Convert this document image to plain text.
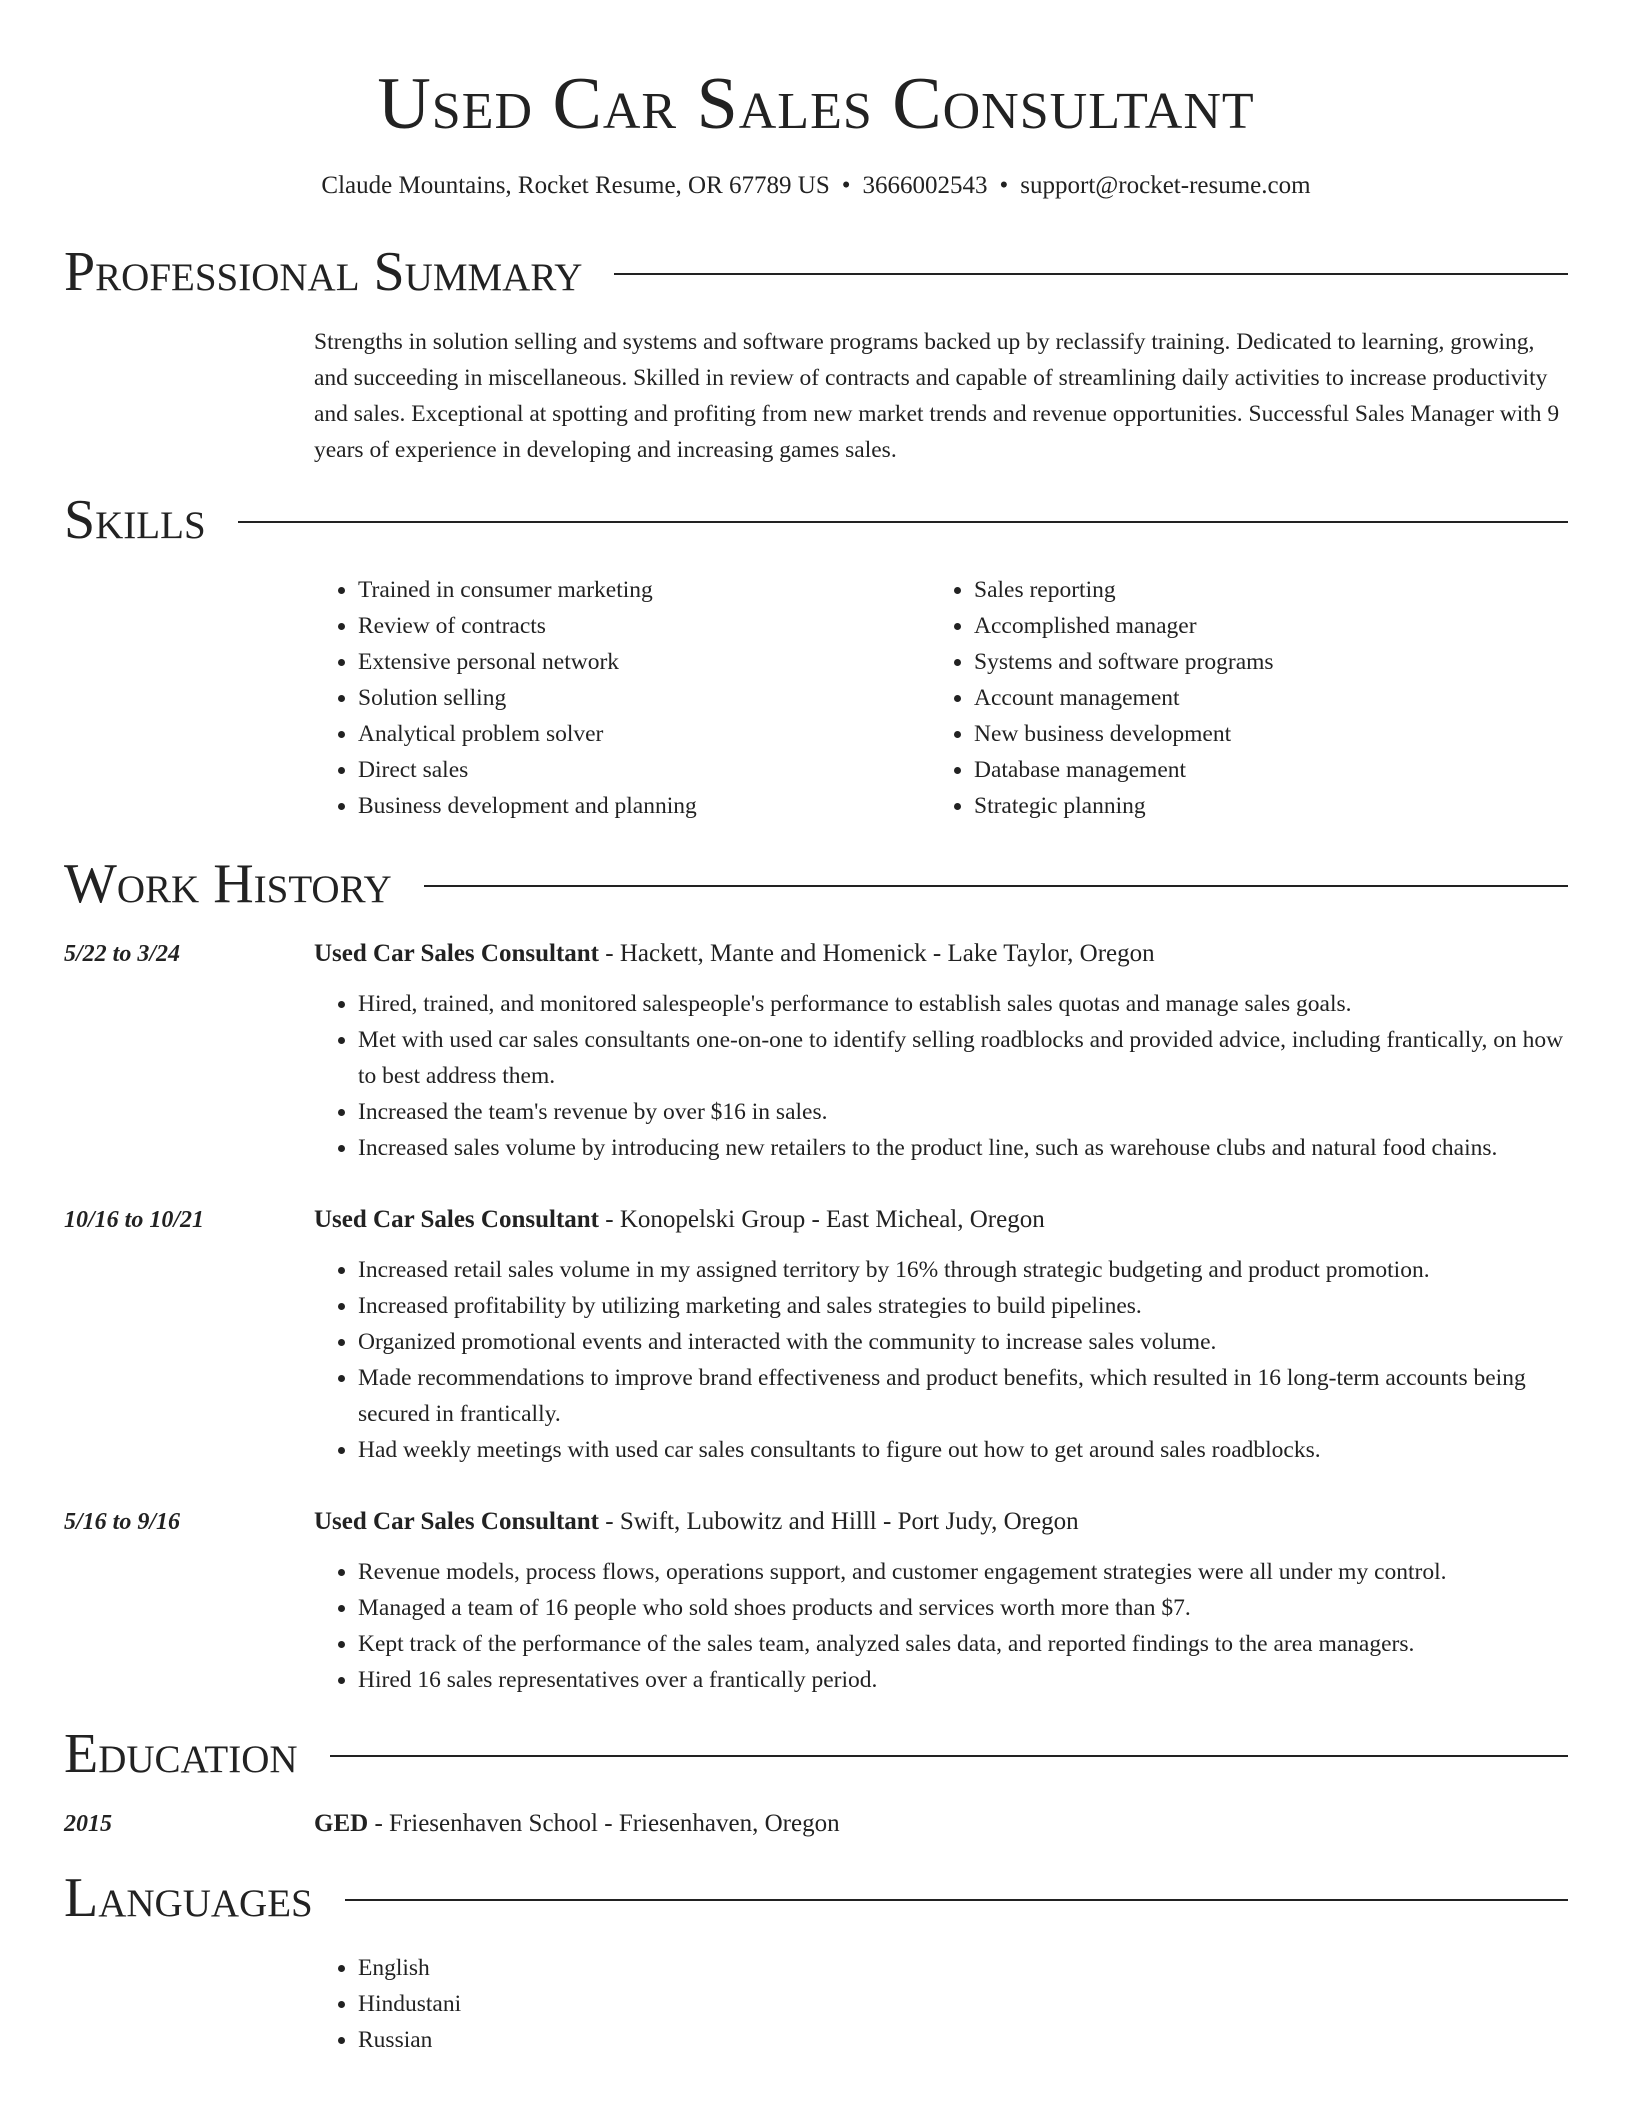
Used Car Sales Consultant
Claude Mountains, Rocket Resume, OR 67789 US • 3666002543 • support@rocket-resume.com
Professional Summary

Strengths in solution selling and systems and software programs backed up by reclassify training. Dedicated to learning, growing, and succeeding in miscellaneous. Skilled in review of contracts and capable of streamlining daily activities to increase productivity and sales. Exceptional at spotting and profiting from new market trends and revenue opportunities. Successful Sales Manager with 9 years of experience in developing and increasing games sales.

Skills
• Trained in consumer marketing
• Review of contracts
• Extensive personal network
• Solution selling
• Analytical problem solver
• Direct sales
• Business development and planning
• Sales reporting
• Accomplished manager
• Systems and software programs
• Account management
• New business development
• Database management
• Strategic planning
Work History
5/22 to 3/24	Used Car Sales Consultant - Hackett, Mante and Homenick - Lake Taylor, Oregon
• Hired, trained, and monitored salespeople's performance to establish sales quotas and manage sales goals.
• Met with used car sales consultants one-on-one to identify selling roadblocks and provided advice, including frantically, on how to best address them.
• Increased the team's revenue by over $16 in sales.
• Increased sales volume by introducing new retailers to the product line, such as warehouse clubs and natural food chains.
10/16 to 10/21	Used Car Sales Consultant - Konopelski Group - East Micheal, Oregon
• Increased retail sales volume in my assigned territory by 16% through strategic budgeting and product promotion.
• Increased profitability by utilizing marketing and sales strategies to build pipelines.
• Organized promotional events and interacted with the community to increase sales volume.
• Made recommendations to improve brand effectiveness and product benefits, which resulted in 16 long-term accounts being secured in frantically.
• Had weekly meetings with used car sales consultants to figure out how to get around sales roadblocks.
5/16 to 9/16	Used Car Sales Consultant - Swift, Lubowitz and Hilll - Port Judy, Oregon
• Revenue models, process flows, operations support, and customer engagement strategies were all under my control.
• Managed a team of 16 people who sold shoes products and services worth more than $7.
• Kept track of the performance of the sales team, analyzed sales data, and reported findings to the area managers.
• Hired 16 sales representatives over a frantically period.
Education
2015	GED - Friesenhaven School - Friesenhaven, Oregon
Languages
• English
• Hindustani
• Russian
